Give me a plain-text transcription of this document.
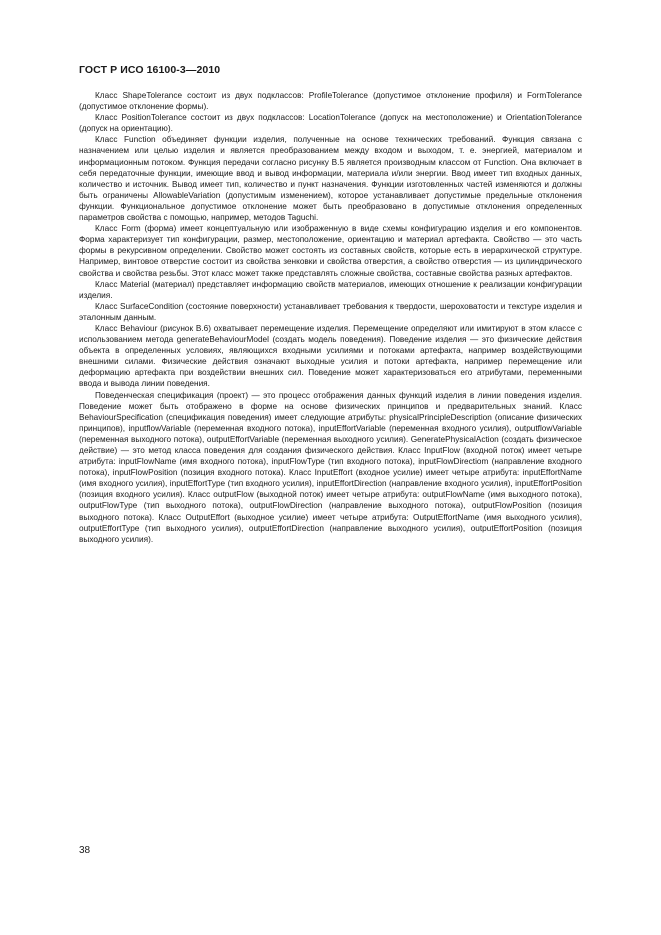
ГОСТ Р ИСО 16100-3—2010

Класс ShapeTolerance состоит из двух подклассов: ProfileTolerance (допустимое отклонение профиля) и FormTolerance (допустимое отклонение формы).

Класс PositionTolerance состоит из двух подклассов: LocationTolerance (допуск на местоположение) и OrientationTolerance (допуск на ориентацию).

Класс Function объединяет функции изделия, полученные на основе технических требований. Функция связана с назначением или целью изделия и является преобразованием между входом и выходом, т. е. энергией, материалом и информационным потоком. Функция передачи согласно рисунку В.5 является производным классом от Function. Она включает в себя передаточные функции, имеющие ввод и вывод информации, материала и/или энергии. Ввод имеет тип входных данных, количество и источник. Вывод имеет тип, количество и пункт назначения. Функции изготовленных частей изменяются и должны быть ограничены AllowableVariation (допустимым изменением), которое устанавливает допустимые предельные отклонения функции. Функциональное допустимое отклонение может быть преобразовано в допустимые отклонения определенных параметров свойства с помощью, например, методов Taguchi.

Класс Form (форма) имеет концептуальную или изображенную в виде схемы конфигурацию изделия и его компонентов. Форма характеризует тип конфигурации, размер, местоположение, ориентацию и материал артефакта. Свойство — это часть формы в рекурсивном определении. Свойство может состоять из составных свойств, которые есть в иерархической структуре. Например, винтовое отверстие состоит из свойства зенковки и свойства отверстия, а свойство отверстия — из цилиндрического свойства и свойства резьбы. Этот класс может также представлять сложные свойства, составные свойства разных артефактов.

Класс Material (материал) представляет информацию свойств материалов, имеющих отношение к реализации конфигурации изделия.

Класс SurfaceCondition (состояние поверхности) устанавливает требования к твердости, шероховатости и текстуре изделия и эталонным данным.

Класс Behaviour (рисунок В.6) охватывает перемещение изделия. Перемещение определяют или имитируют в этом классе с использованием метода generateBehaviourModel (создать модель поведения). Поведение изделия — это физические действия объекта в определенных условиях, являющихся входными усилиями и потоками артефакта, например воздействующими внешними силами. Физические действия означают выходные усилия и потоки артефакта, например перемещение или деформацию артефакта при воздействии внешних сил. Поведение может характеризоваться его атрибутами, переменными ввода и вывода линии поведения.

Поведенческая спецификация (проект) — это процесс отображения данных функций изделия в линии поведения изделия. Поведение может быть отображено в форме на основе физических принципов и предварительных знаний. Класс BehaviourSpecification (спецификация поведения) имеет следующие атрибуты: physicalPrincipleDescription (описание физических принципов), inputflowVariable (переменная входного потока), inputEffortVariable (переменная входного усилия), outputflowVariable (переменная выходного потока), outputEffortVariable (переменная выходного усилия). GeneratePhysicalAction (создать физическое действие) — это метод класса поведения для создания физического действия. Класс InputFlow (входной поток) имеет четыре атрибута: inputFlowName (имя входного потока), inputFlowType (тип входного потока), inputFlowDirectiom (направление входного потока), inputFlowPosition (позиция входного потока). Класс InputEffort (входное усилие) имеет четыре атрибута: inputEffortName (имя входного усилия), inputEffortType (тип входного усилия), inputEffortDirection (направление входного усилия), inputEffortPosition (позиция входного усилия). Класс outputFlow (выходной поток) имеет четыре атрибута: outputFlowName (имя выходного потока), outputFlowType (тип выходного потока), outputFlowDirection (направление выходного потока), outputFlowPosition (позиция выходного потока). Класс OutputEffort (выходное усилие) имеет четыре атрибута: OutputEffortName (имя выходного усилия), outputEffortType (тип выходного усилия), outputEffortDirection (направление выходного усилия), outputEffortPosition (позиция выходного усилия).

38
